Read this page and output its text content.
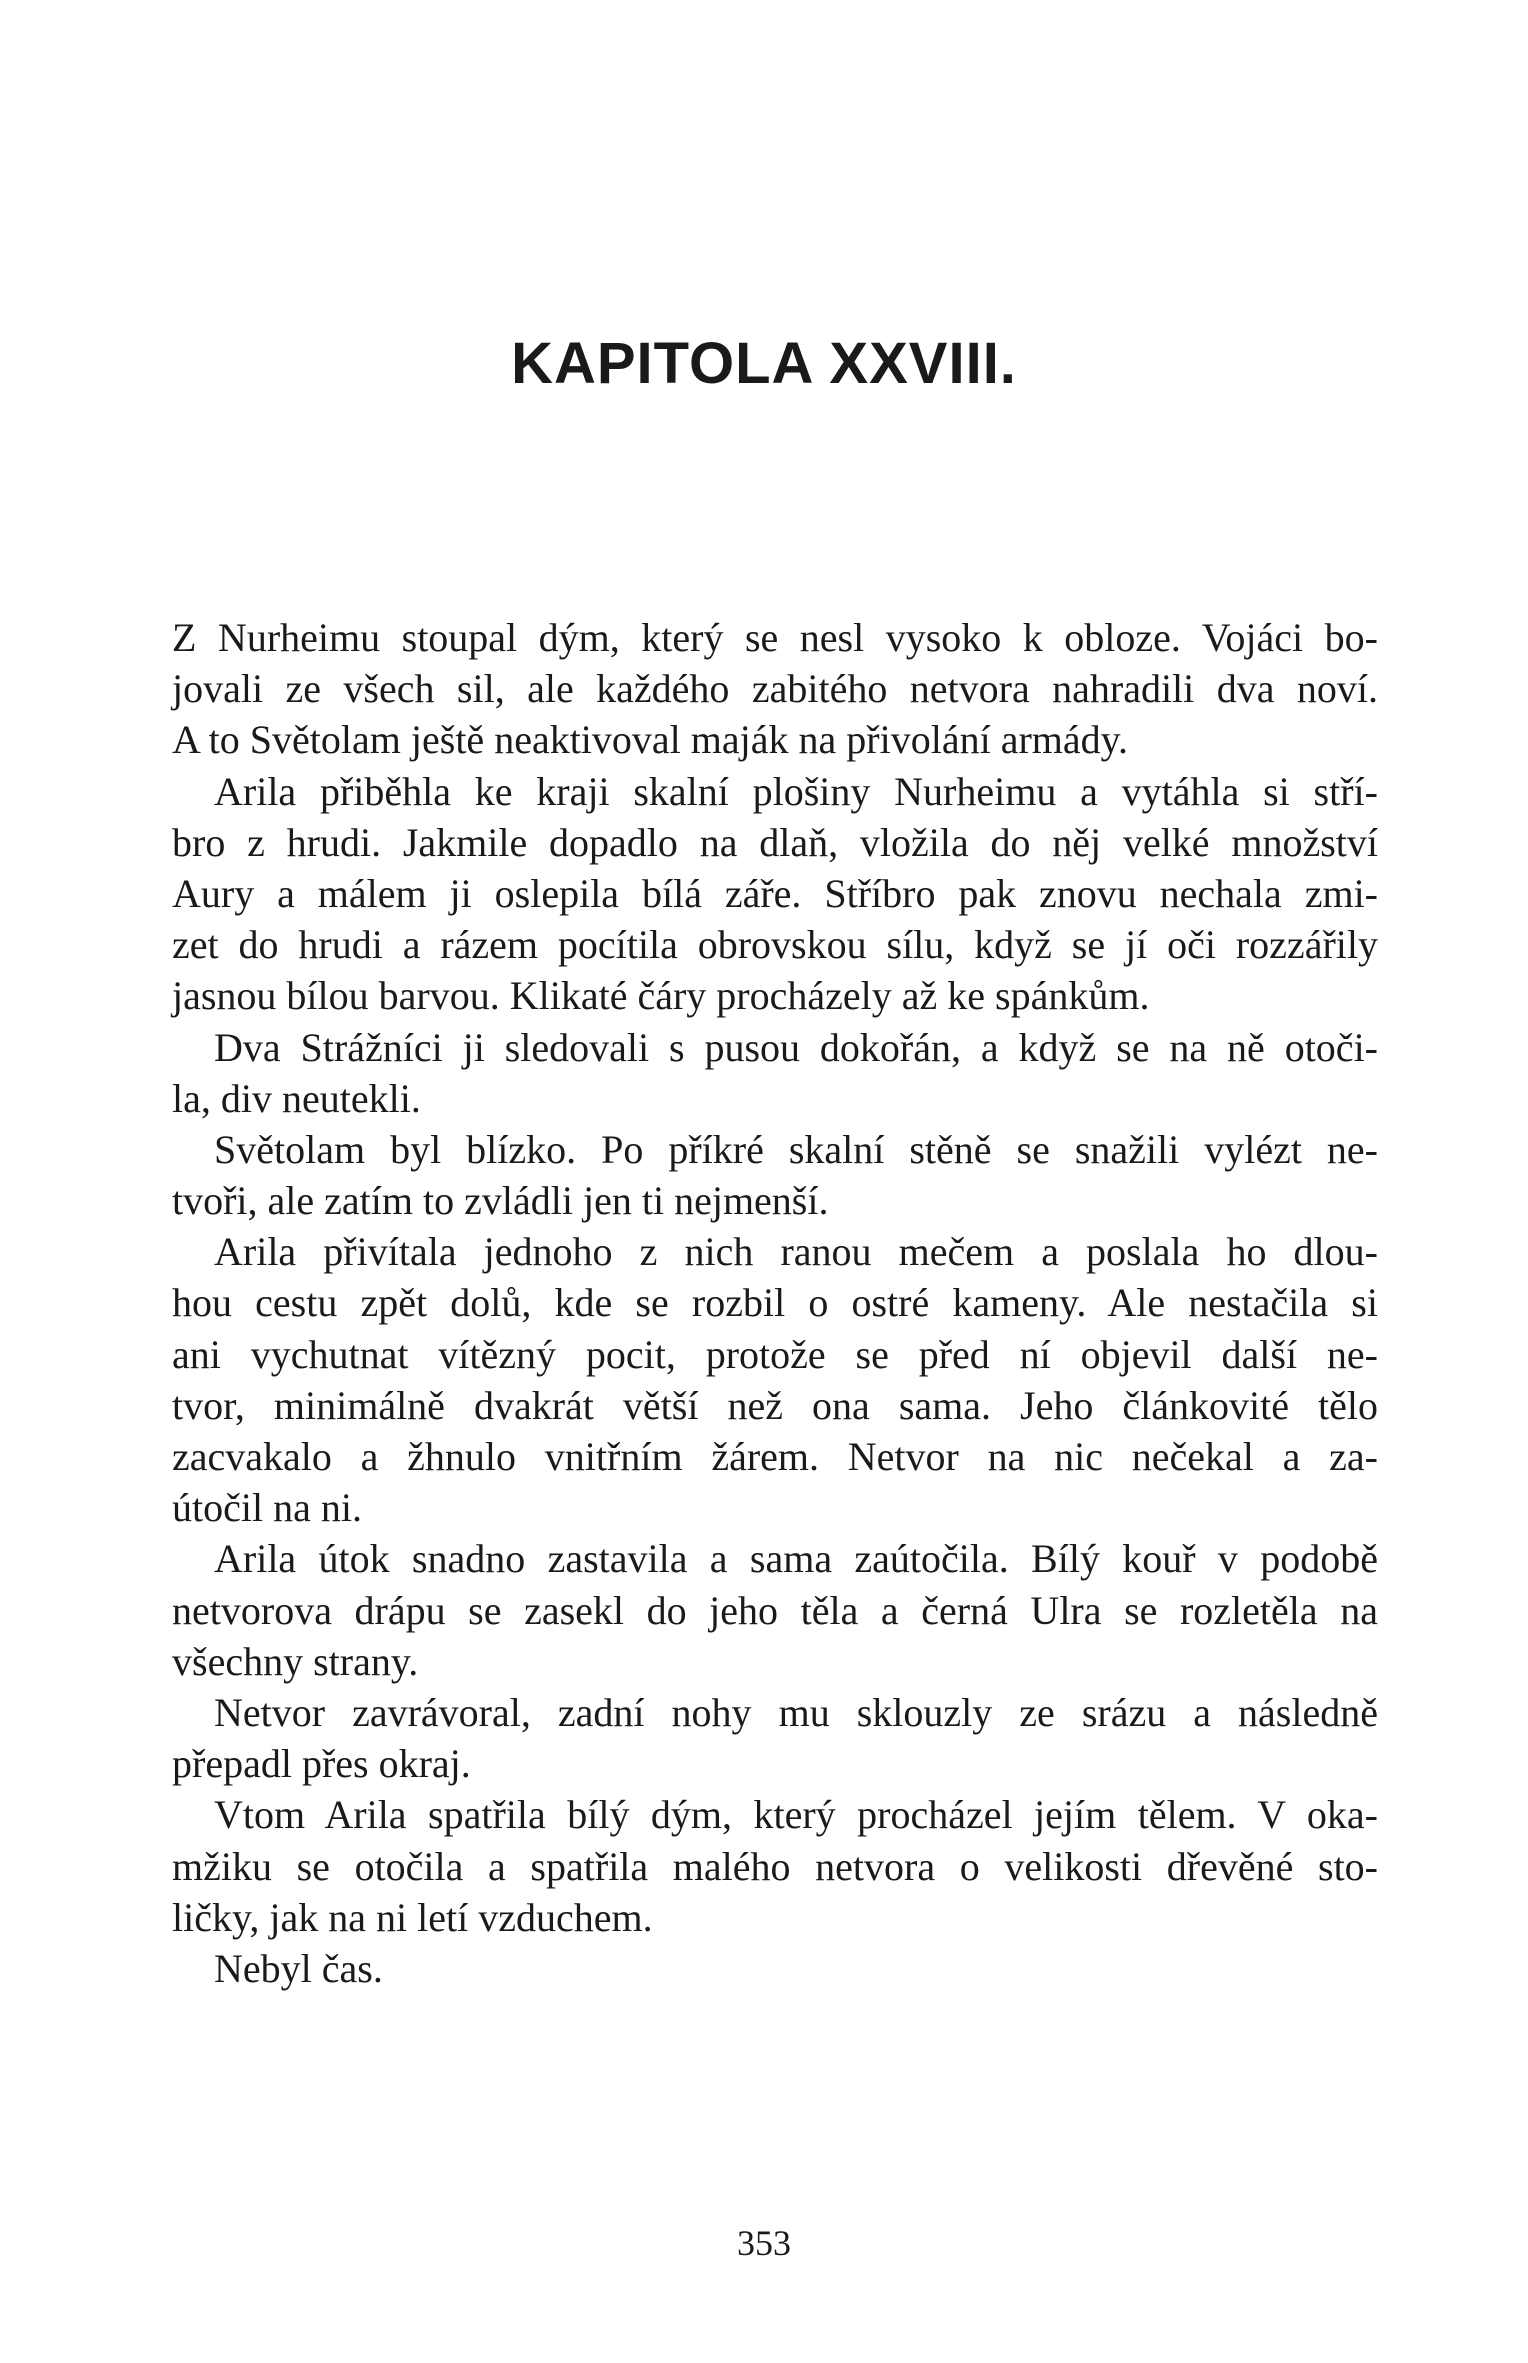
KAPITOLA XXVIII.
Z Nurheimu stoupal dým, který se nesl vysoko k obloze. Vojáci bo-
jovali ze všech sil, ale každého zabitého netvora nahradili dva noví.
A to Světolam ještě neaktivoval maják na přivolání armády.
Arila přiběhla ke kraji skalní plošiny Nurheimu a vytáhla si stří-
bro z hrudi. Jakmile dopadlo na dlaň, vložila do něj velké množství
Aury a málem ji oslepila bílá záře. Stříbro pak znovu nechala zmi-
zet do hrudi a rázem pocítila obrovskou sílu, když se jí oči rozzářily
jasnou bílou barvou. Klikaté čáry procházely až ke spánkům.
Dva Strážníci ji sledovali s pusou dokořán, a když se na ně otoči-
la, div neutekli.
Světolam byl blízko. Po příkré skalní stěně se snažili vylézt ne-
tvoři, ale zatím to zvládli jen ti nejmenší.
Arila přivítala jednoho z nich ranou mečem a poslala ho dlou-
hou cestu zpět dolů, kde se rozbil o ostré kameny. Ale nestačila si
ani vychutnat vítězný pocit, protože se před ní objevil další ne-
tvor, minimálně dvakrát větší než ona sama. Jeho článkovité tělo
zacvakalo a žhnulo vnitřním žárem. Netvor na nic nečekal a za-
útočil na ni.
Arila útok snadno zastavila a sama zaútočila. Bílý kouř v podobě
netvorova drápu se zasekl do jeho těla a černá Ulra se rozletěla na
všechny strany.
Netvor zavrávoral, zadní nohy mu sklouzly ze srázu a následně
přepadl přes okraj.
Vtom Arila spatřila bílý dým, který procházel jejím tělem. V oka-
mžiku se otočila a spatřila malého netvora o velikosti dřevěné sto-
ličky, jak na ni letí vzduchem.
Nebyl čas.
353
